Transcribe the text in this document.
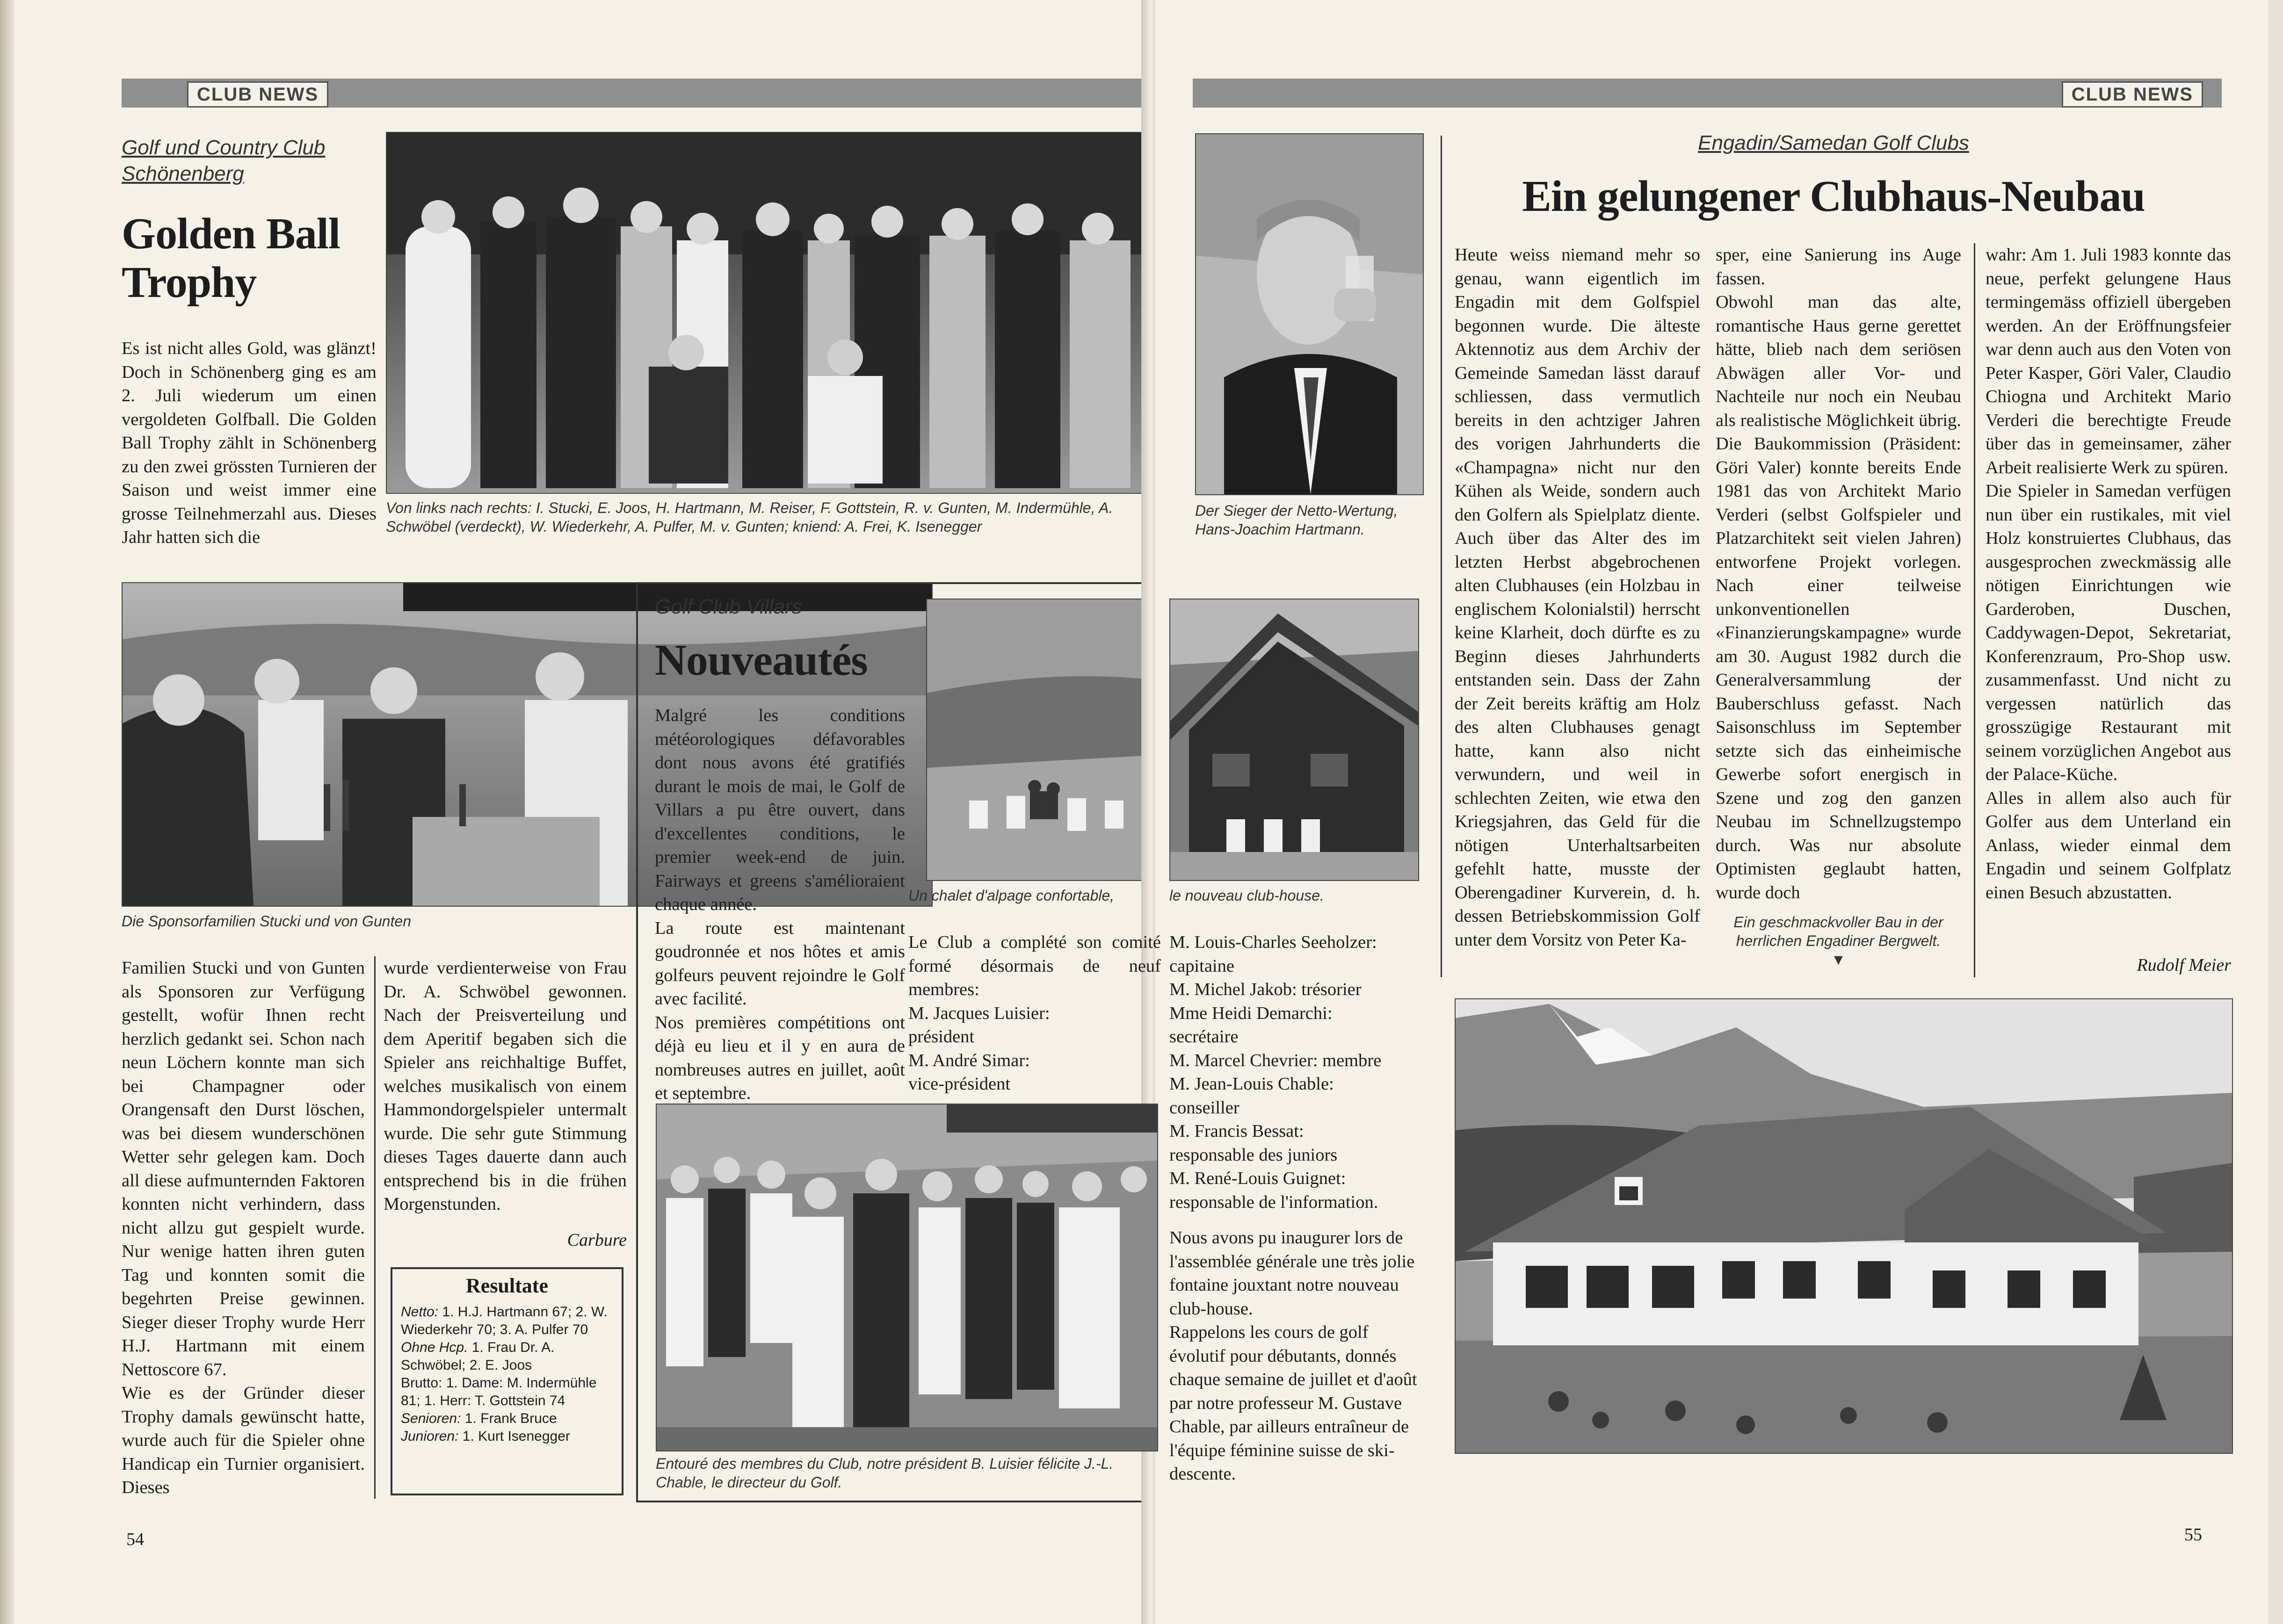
CLUB NEWS
Golf und Country Club
Schönenberg
Golden Ball
Trophy
Es ist nicht alles Gold, was glänzt! Doch in Schönenberg ging es am 2. Juli wiederum um einen vergoldeten Golfball. Die Golden Ball Trophy zählt in Schönenberg zu den zwei grössten Turnieren der Saison und weist immer eine grosse Teilnehmerzahl aus. Dieses Jahr hatten sich die
Von links nach rechts: I. Stucki, E. Joos, H. Hartmann, M. Reiser, F. Gottstein, R. v. Gunten, M. Indermühle, A. Schwöbel (verdeckt), W. Wiederkehr, A. Pulfer, M. v. Gunten; kniend: A. Frei, K. Isenegger
Die Sponsorfamilien Stucki und von Gunten

Familien Stucki und von Gunten als Sponsoren zur Verfügung gestellt, wofür Ihnen recht herzlich gedankt sei. Schon nach neun Löchern konnte man sich bei Champagner oder Orangensaft den Durst löschen, was bei diesem wunderschönen Wetter sehr gelegen kam. Doch all diese aufmunternden Faktoren konnten nicht verhindern, dass nicht allzu gut gespielt wurde. Nur wenige hatten ihren guten Tag und konnten somit die begehrten Preise gewinnen. Sieger dieser Trophy wurde Herr H.J. Hartmann mit einem Nettoscore 67.

Wie es der Gründer dieser Trophy damals gewünscht hatte, wurde auch für die Spieler ohne Handicap ein Turnier organisiert. Dieses

wurde verdienterweise von Frau Dr. A. Schwöbel gewonnen. Nach der Preisverteilung und dem Aperitif begaben sich die Spieler ans reichhaltige Buffet, welches musikalisch von einem Hammondorgelspieler untermalt wurde. Die sehr gute Stimmung dieses Tages dauerte dann auch entsprechend bis in die frühen Morgenstunden.
Carbure
Resultate

Netto: 1. H.J. Hartmann 67; 2. W. Wiederkehr 70; 3. A. Pulfer 70

Ohne Hcp. 1. Frau Dr. A. Schwöbel; 2. E. Joos

Brutto: 1. Dame: M. Indermühle 81; 1. Herr: T. Gottstein 74

Senioren: 1. Frank Bruce

Junioren: 1. Kurt Isenegger

54
Golf Club Villars
Nouveautés

Malgré les conditions météorologiques défavorables dont nous avons été gratifiés durant le mois de mai, le Golf de Villars a pu être ouvert, dans d'excellentes conditions, le premier week-end de juin. Fairways et greens s'amélioraient chaque année.

La route est maintenant goudronnée et nos hôtes et amis golfeurs peuvent rejoindre le Golf avec facilité.

Nos premières compétitions ont déjà eu lieu et il y en aura de nombreuses autres en juillet, août et septembre.

CLUB NEWS
Der Sieger der Netto-Wertung, Hans-Joachim Hartmann.
Engadin/Samedan Golf Clubs
Ein gelungener Clubhaus-Neubau
Heute weiss niemand mehr so genau, wann eigentlich im Engadin mit dem Golfspiel begonnen wurde. Die älteste Aktennotiz aus dem Archiv der Gemeinde Samedan lässt darauf schliessen, dass vermutlich bereits in den achtziger Jahren des vorigen Jahrhunderts die «Champagna» nicht nur den Kühen als Weide, sondern auch den Golfern als Spielplatz diente. Auch über das Alter des im letzten Herbst abgebrochenen alten Clubhauses (ein Holzbau in englischem Kolonialstil) herrscht keine Klarheit, doch dürfte es zu Beginn dieses Jahrhunderts entstanden sein. Dass der Zahn der Zeit bereits kräftig am Holz des alten Clubhauses genagt hatte, kann also nicht verwundern, und weil in schlechten Zeiten, wie etwa den Kriegsjahren, das Geld für die nötigen Unterhaltsarbeiten gefehlt hatte, musste der Oberengadiner Kurverein, d. h. dessen Betriebskommission Golf unter dem Vorsitz von Peter Ka-

sper, eine Sanierung ins Auge fassen.

Obwohl man das alte, romantische Haus gerne gerettet hätte, blieb nach dem seriösen Abwägen aller Vor- und Nachteile nur noch ein Neubau als realistische Möglichkeit übrig. Die Baukommission (Präsident: Göri Valer) konnte bereits Ende 1981 das von Architekt Mario Verderi (selbst Golfspieler und Platzarchitekt seit vielen Jahren) entworfene Projekt vorlegen. Nach einer teilweise unkonventionellen «Finanzierungskampagne» wurde am 30. August 1982 durch die Generalversammlung der Bauberschluss gefasst. Nach Saisonschluss im September setzte sich das einheimische Gewerbe sofort energisch in Szene und zog den ganzen Neubau im Schnellzugstempo durch. Was nur absolute Optimisten geglaubt hatten, wurde doch

Ein geschmackvoller Bau in der herrlichen Engadiner Bergwelt.
▼

wahr: Am 1. Juli 1983 konnte das neue, perfekt gelungene Haus termingemäss offiziell übergeben werden. An der Eröffnungsfeier war denn auch aus den Voten von Peter Kasper, Göri Valer, Claudio Chiogna und Architekt Mario Verderi die berechtigte Freude über das in gemeinsamer, zäher Arbeit realisierte Werk zu spüren.

Die Spieler in Samedan verfügen nun über ein rustikales, mit viel Holz konstruiertes Clubhaus, das ausgesprochen zweckmässig alle nötigen Einrichtungen wie Garderoben, Duschen, Caddywagen-Depot, Sekretariat, Konferenzraum, Pro-Shop usw. zusammenfasst. Und nicht zu vergessen natürlich das grosszügige Restaurant mit seinem vorzüglichen Angebot aus der Palace-Küche.

Alles in allem also auch für Golfer aus dem Unterland ein Anlass, wieder einmal dem Engadin und seinem Golfplatz einen Besuch abzustatten.

Rudolf Meier
Un chalet d'alpage confortable,	le nouveau club-house.

Le Club a complété son comité formé désormais de neuf membres:

M. Jacques Luisier:

président

M. André Simar:

vice-président

M. Louis-Charles Seeholzer:

capitaine

M. Michel Jakob: trésorier

Mme Heidi Demarchi:

secrétaire

M. Marcel Chevrier: membre

M. Jean-Louis Chable:

conseiller

M. Francis Bessat:

responsable des juniors

M. René-Louis Guignet:

responsable de l'information.

Nous avons pu inaugurer lors de l'assemblée générale une très jolie fontaine jouxtant notre nouveau club-house.

Rappelons les cours de golf évolutif pour débutants, donnés chaque semaine de juillet et d'août par notre professeur M. Gustave Chable, par ailleurs entraîneur de l'équipe féminine suisse de ski-descente.

Entouré des membres du Club, notre président B. Luisier félicite J.-L. Chable, le directeur du Golf.
55
